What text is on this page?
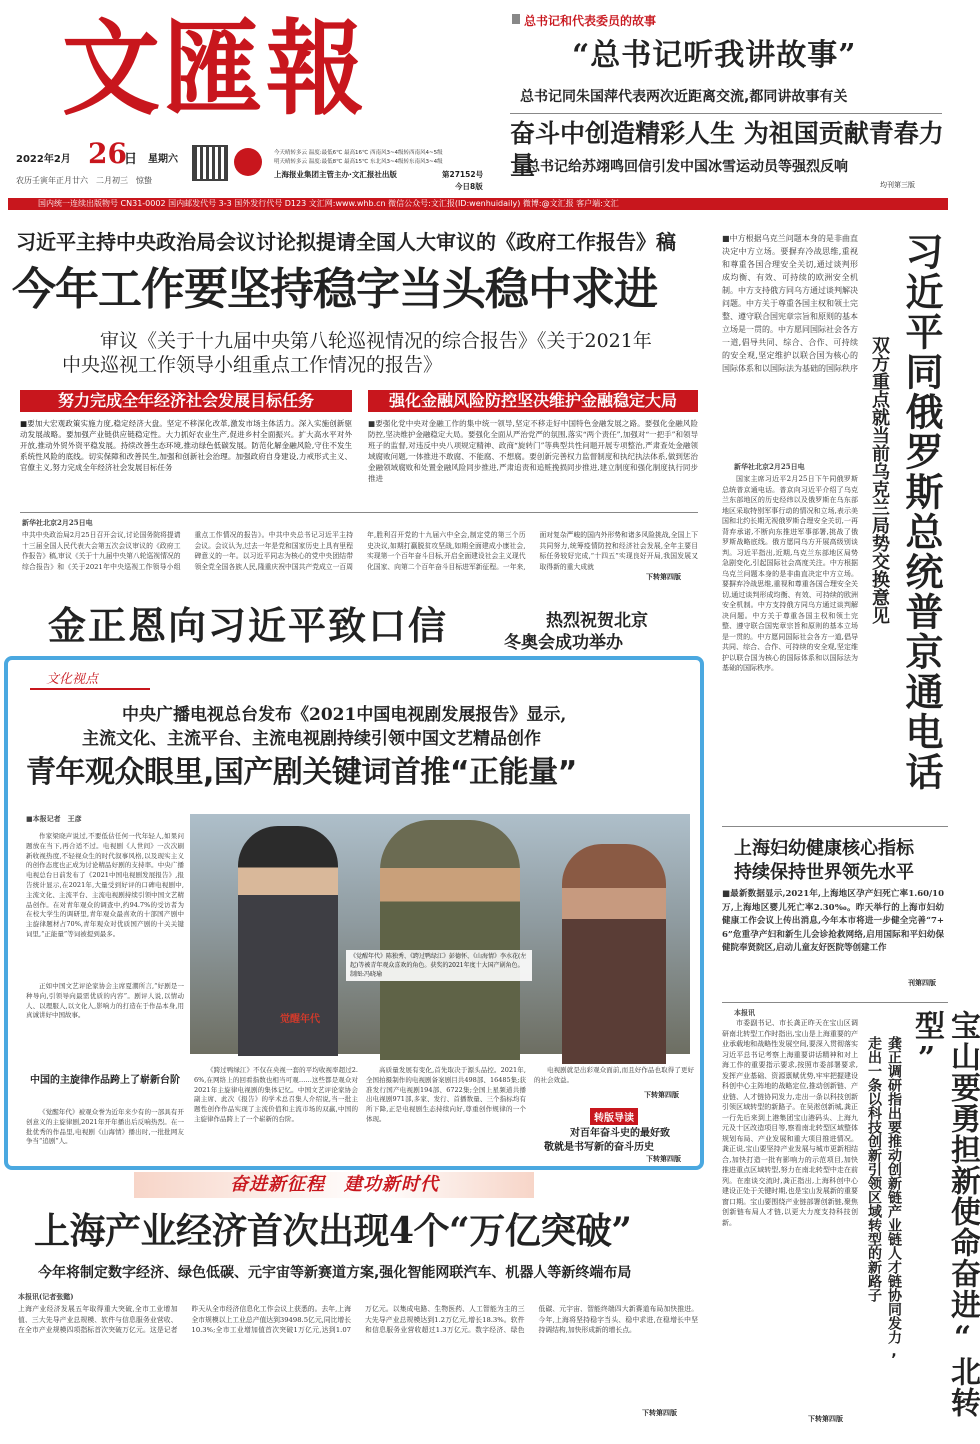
文匯報
2022年2月 26
日 星期六
农历壬寅年正月廿六　二月初三　惊蛰
今天晴转多云 温度:最低6℃ 最高16℃ 西南风3~4级转西南风4~5级
明天晴转多云 温度:最低8℃ 最高15℃ 东北风3~4级转东南风3~4级
上海报业集团主管主办·文汇报社出版	第27152号
今日8版
总书记和代表委员的故事
“总书记听我讲故事”
总书记同朱国萍代表两次近距离交流,都同讲故事有关
奋斗中创造精彩人生 为祖国贡献青春力量
总书记给苏翊鸣回信引发中国冰雪运动员等强烈反响
均刊第三版
国内统一连续出版物号 CN31-0002 国内邮发代号 3-3 国外发行代号 D123 文汇网:www.whb.cn 微信公众号:文汇报(ID:wenhuidaily) 微博:@文汇报 客户端:文汇
习近平主持中央政治局会议讨论拟提请全国人大审议的《政府工作报告》稿
今年工作要坚持稳字当头稳中求进
审议《关于十九届中央第八轮巡视情况的综合报告》《关于2021年
中央巡视工作领导小组重点工作情况的报告》
努力完成全年经济社会发展目标任务	强化金融风险防控坚决维护金融稳定大局
■要加大宏观政策实施力度,稳定经济大盘。坚定不移深化改革,激发市场主体活力。深入实施创新驱动发展战略。要加强产业链供应链稳定性。大力抓好农业生产,促进乡村全面振兴。扩大高水平对外开放,推动外贸外资平稳发展。持续改善生态环境,推动绿色低碳发展。防范化解金融风险,守住不发生系统性风险的底线。切实保障和改善民生,加强和创新社会治理。加强政府自身建设,力戒形式主义、官僚主义,努力完成全年经济社会发展目标任务
■要强化党中央对金融工作的集中统一领导,坚定不移走好中国特色金融发展之路。要强化金融风险防控,坚决维护金融稳定大局。要强化全面从严治党严的氛围,落实“两个责任”,加强对“一把手”和领导班子的监督,对违反中央八项规定精神、政商“旋转门”等典型共性问题开展专项整治,严肃查处金融领域腐败问题,一体推进不敢腐、不能腐、不想腐。要创新完善权力监督制度和执纪执法体系,做到惩治金融领域腐败和处置金融风险同步推进,严肃追责和追赃挽损同步推进,建立制度和强化制度执行同步推进
新华社北京2月25日电
中共中央政治局2月25日召开会议,讨论国务院将提请十三届全国人民代表大会第五次会议审议的《政府工作报告》稿,审议《关于十九届中央第八轮巡视情况的综合报告》和《关于2021年中央巡视工作领导小组重点工作情况的报告》。中共中央总书记习近平主持会议。会议认为,过去一年是党和国家历史上具有里程碑意义的一年。以习近平同志为核心的党中央团结带领全党全国各族人民,隆重庆祝中国共产党成立一百周年,胜利召开党的十九届六中全会,制定党的第三个历史决议,如期打赢脱贫攻坚战,如期全面建成小康社会,实现第一个百年奋斗目标,开启全面建设社会主义现代化国家、向第二个百年奋斗目标进军新征程。一年来,面对复杂严峻的国内外形势和诸多风险挑战,全国上下共同努力,统筹疫情防控和经济社会发展,全年主要目标任务较好完成,“十四五”实现良好开局,我国发展又取得新的重大成就
下转第四版
■中方根据乌克兰问题本身的是非曲直决定中方立场。要摒弃冷战思维,重视和尊重各国合理安全关切,通过谈判形成均衡、有效、可持续的欧洲安全机制。中方支持俄方同乌方通过谈判解决问题。中方关于尊重各国主权和领土完整、遵守联合国宪章宗旨和原则的基本立场是一贯的。中方愿同国际社会各方一道,倡导共同、综合、合作、可持续的安全观,坚定维护以联合国为核心的国际体系和以国际法为基础的国际秩序 习近平同俄罗斯总统普京通电话
双方重点就当前乌克兰局势交换意见
新华社北京2月25日电
国家主席习近平2月25日下午同俄罗斯总统普京通电话。普京向习近平介绍了乌克兰东部地区的历史经纬以及俄罗斯在乌东部地区采取特别军事行动的情况和立场,表示美国和北约长期无视俄罗斯合理安全关切,一再背弃承诺,不断向东推进军事部署,挑战了俄罗斯战略底线。俄方愿同乌方开展高级别谈判。习近平指出,近期,乌克兰东部地区局势急剧变化,引起国际社会高度关注。中方根据乌克兰问题本身的是非曲直决定中方立场。要摒弃冷战思维,重视和尊重各国合理安全关切,通过谈判形成均衡、有效、可持续的欧洲安全机制。中方支持俄方同乌方通过谈判解决问题。中方关于尊重各国主权和领土完整、遵守联合国宪章宗旨和原则的基本立场是一贯的。中方愿同国际社会各方一道,倡导共同、综合、合作、可持续的安全观,坚定维护以联合国为核心的国际体系和以国际法为基础的国际秩序。
金正恩向习近平致口信	热烈祝贺北京
冬奥会成功举办
文化视点
中央广播电视总台发布《2021中国电视剧发展报告》显示,
主流文化、主流平台、主流电视剧持续引领中国文艺精品创作
青年观众眼里,国产剧关键词首推“正能量”
■本报记者　王彦
作家梁晓声说过,不要低估任何一代年轻人,如果问题放在当下,再合适不过。电视剧《人世间》一次次刷新收视热度,不轻视众生的时代叙事风格,以及现实主义的创作态度也正成为讨论精品好剧的支持率。中央广播电视总台日前发布了《2021中国电视剧发展报告》,报告统计显示,在2021年,大量受到好评的口碑电视剧中,主流文化、主流平台、主流电视剧持续引领中国文艺精品创作。在对青年观众的调查中,约94.7%的受访者为在校大学生的调研里,青年观众最喜欢的十部国产剧中主旋律题材占70%,青年观众对优质国产剧的十关关键词里,“正能量”等词被提到最多。
正如中国文艺评论家协会主席夏潮所言,“好剧是一种导向,引领导向最需优质的内容”。剧评人说,以情动人、以理服人,以文化人,影响力的打造在于作品本身,用真诚讲好中国故事。	觉醒年代
《觉醒年代》陈独秀、《跨过鸭绿江》彭德怀、《山海情》李水花(左起)等被青年观众喜欢的角色。获奖的2021年度十大国产剧角色。制图:冯晓瑜
中国的主旋律作品跨上了崭新台阶
《觉醒年代》被观众誉为近年来少有的一部具有开创意义的主旋律剧,2021年开年播出后反响热烈。在一批优秀的作品里,电视剧《山海情》播出时,一批批网友争当“追剧”人。
《跨过鸭绿江》不仅在央视一套的平均收视率超过2.6%,在网络上的回看指数也相当可观……这些都是观众对2021年主旋律电视剧的集体记忆。中国文艺评论家协会副主席、此次《报告》的学术总召集人介绍说,当一批主题性创作作品实现了主流价值和主流市场的双赢,中国的主旋律作品跨上了一个崭新的台阶。
高质量发展有变化,首先取决于源头品控。2021年,全国拍摄制作的电视剧备案剧目共498部、16485集;获准发行国产电视剧194部、6722集;全国上星频道共播出电视剧971部,多家、发行、首播数量、三个指标均有所下降,正是电视剧生态持续向好,尊重创作规律的一个体现。
电视剧就是出彩观众面前,而且好作品也取得了更好的社会效益。
下转第四版
转版导读
对百年奋斗史的最好致
敬就是书写新的奋斗历史
下转第四版
上海妇幼健康核心指标
持续保持世界领先水平
■最新数据显示,2021年,上海地区孕产妇死亡率1.60/10万,上海地区婴儿死亡率2.30‰。昨天举行的上海市妇幼健康工作会议上传出消息,今年本市将进一步健全完善“7+6”危重孕产妇和新生儿会诊抢救网络,启用国际和平妇幼保健院奉贤院区,启动儿童友好医院等创建工作
刊第四版
本报讯
市委副书记、市长龚正昨天在宝山区调研南北转型工作时指出,宝山是上海重要的产业承载地和战略性发展空间,要深入贯彻落实习近平总书记考察上海重要讲话精神和对上海工作的重要指示要求,按照市委部署要求,发挥产业基础、资源禀赋优势,牢牢把握建设科创中心主阵地的战略定位,推动创新链、产业链、人才链协同发力,走出一条以科技创新引领区域转型的新路子。在吴淞创新城,龚正一行先后来到上港集团宝山港码头、上海九元及十区改造项目等,察看南北转型区域整体规划布局、产业发展和重大项目推进情况。龚正说,宝山要坚持产业发展与城市更新相结合,加快打造一批有影响力的示范项目,加快推进重点区域转型,努力在南北转型中走在前列。在座谈交流时,龚正指出,上海科创中心建设正处于关键时期,也是宝山发展新的重要窗口期。宝山要围绕产业链部署创新链,聚焦创新链布局人才链,以更大力度支持科技创新。	宝山要勇担新使命奋进“北转型”
龚正调研指出要推动创新链产业链人才链协同发力,
走出一条以科技创新引领区域转型的新路子
下转第四版
奋进新征程　建功新时代
上海产业经济首次出现4个“万亿突破”
今年将制定数字经济、绿色低碳、元宇宙等新赛道方案,强化智能网联汽车、机器人等新终端布局
本报讯(记者张懿)
上海产业经济发展五年取得重大突破,全市工业增加值、三大先导产业总规模、软件与信息服务业营收、在全市产业规模四项指标首次突破万亿元。这是记者昨天从全市经济信息化工作会议上获悉的。去年,上海全市规模以上工业总产值达到39498.5亿元,同比增长10.3%;全市工业增加值首次突破1万亿元,达到1.07万亿元。以集成电路、生物医药、人工智能为主的三大先导产业总规模达到1.2万亿元,增长18.3%。软件和信息服务业营收超过1.3万亿元。数字经济、绿色低碳、元宇宙、智能终端四大新赛道布局加快推进。今年,上海将坚持稳字当头、稳中求进,在稳增长中坚持调结构,加快形成新的增长点。
下转第四版
